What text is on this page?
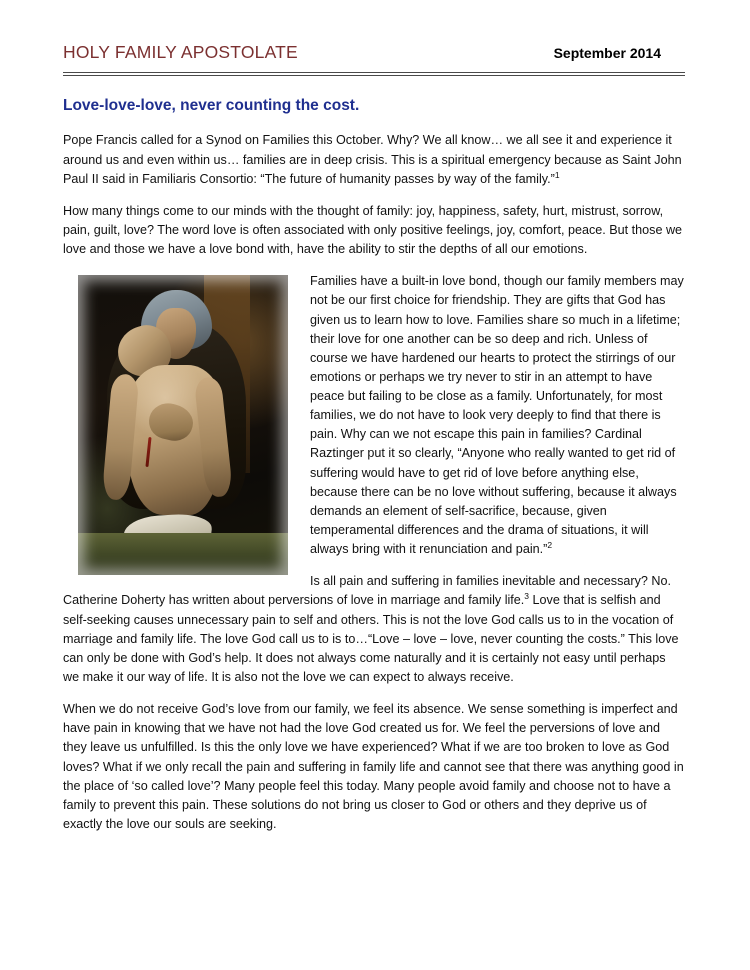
HOLY FAMILY APOSTOLATE	September 2014
Love-love-love, never counting the cost.

Pope Francis called for a Synod on Families this October. Why? We all know… we all see it and experience it around us and even within us… families are in deep crisis. This is a spiritual emergency because as Saint John Paul II said in Familiaris Consortio: “The future of humanity passes by way of the family.”$^1$

How many things come to our minds with the thought of family: joy, happiness, safety, hurt, mistrust, sorrow, pain, guilt, love? The word love is often associated with only positive feelings, joy, comfort, peace. But those we love and those we have a love bond with, have the ability to stir the depths of all our emotions.

Families have a built-in love bond, though our family members may not be our first choice for friendship. They are gifts that God has given us to learn how to love. Families share so much in a lifetime; their love for one another can be so deep and rich. Unless of course we have hardened our hearts to protect the stirrings of our emotions or perhaps we try never to stir in an attempt to have peace but failing to be close as a family. Unfortunately, for most families, we do not have to look very deeply to find that there is pain. Why can we not escape this pain in families? Cardinal Raztinger put it so clearly, “Anyone who really wanted to get rid of suffering would have to get rid of love before anything else, because there can be no love without suffering, because it always demands an element of self-sacrifice, because, given temperamental differences and the drama of situations, it will always bring with it renunciation and pain.”$^2$

Is all pain and suffering in families inevitable and necessary? No. Catherine Doherty has written about perversions of love in marriage and family life.$^3$ Love that is selfish and self-seeking causes unnecessary pain to self and others. This is not the love God calls us to in the vocation of marriage and family life. The love God call us to is to…“Love – love – love, never counting the costs.” This love can only be done with God’s help. It does not always come naturally and it is certainly not easy until perhaps we make it our way of life. It is also not the love we can expect to always receive.

When we do not receive God’s love from our family, we feel its absence. We sense something is imperfect and have pain in knowing that we have not had the love God created us for. We feel the perversions of love and they leave us unfulfilled. Is this the only love we have experienced? What if we are too broken to love as God loves? What if we only recall the pain and suffering in family life and cannot see that there was anything good in the place of ‘so called love’? Many people feel this today. Many people avoid family and choose not to have a family to prevent this pain. These solutions do not bring us closer to God or others and they deprive us of exactly the love our souls are seeking.
